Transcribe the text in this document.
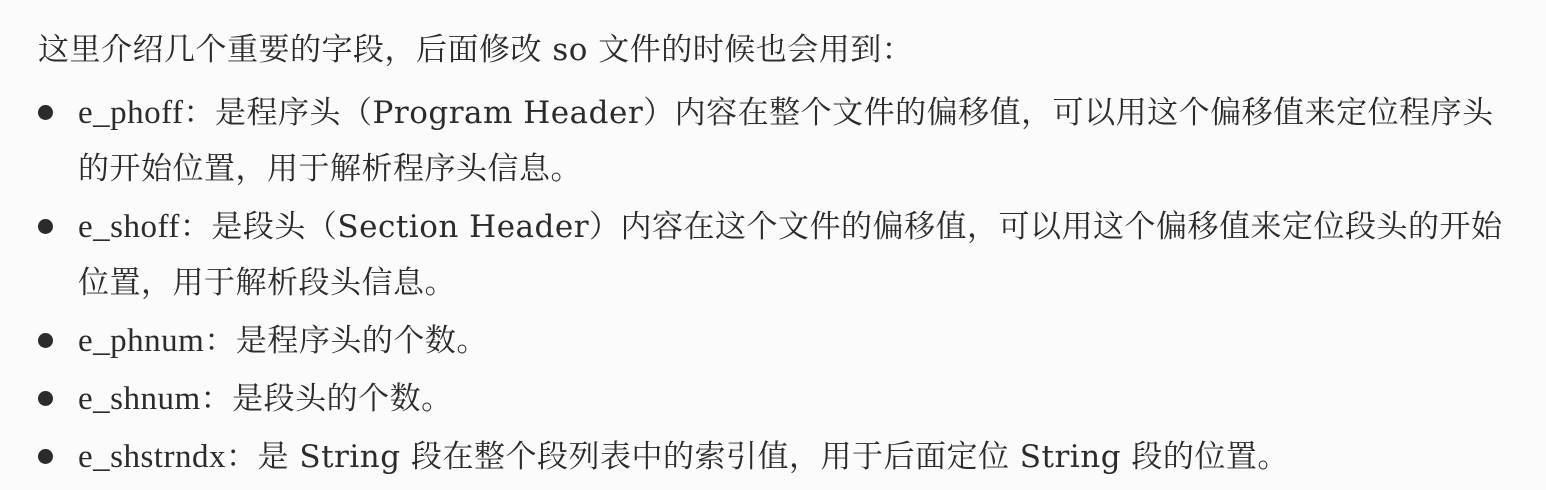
这里介绍几个重要的字段，后面修改 so 文件的时候也会用到：
e_phoff：是程序头（Program Header）内容在整个文件的偏移值，可以用这个偏移值来定位程序头的开始位置，用于解析程序头信息。
e_shoff：是段头（Section Header）内容在这个文件的偏移值，可以用这个偏移值来定位段头的开始位置，用于解析段头信息。
e_phnum：是程序头的个数。
e_shnum：是段头的个数。
e_shstrndx：是 String 段在整个段列表中的索引值，用于后面定位 String 段的位置。
